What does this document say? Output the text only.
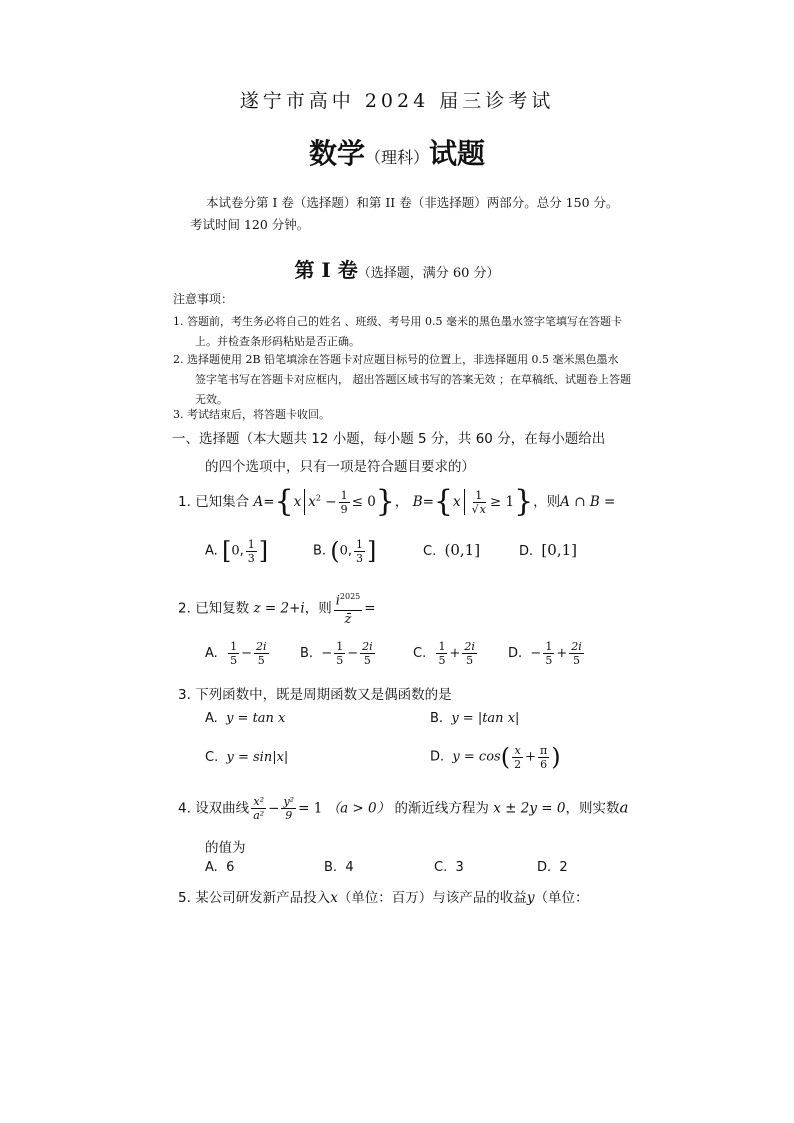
遂宁市高中 2024 届三诊考试
数学（理科）试题
本试卷分第 I 卷（选择题）和第 II 卷（非选择题）两部分。总分 150 分。考试时间 120 分钟。
第 I 卷（选择题，满分 60 分）
注意事项：
1. 答题前，考生务必将自己的姓名 、班级、考号用 0.5 毫米的黑色墨水签字笔填写在答题卡
上。并检查条形码粘贴是否正确。
2. 选择题使用 2B 铅笔填涂在答题卡对应题目标号的位置上，非选择题用 0.5 毫米黑色墨水
签字笔书写在答题卡对应框内， 超出答题区域书写的答案无效 ；在草稿纸、试题卷上答题
无效。
3. 考试结束后，将答题卡收回。
一、选择题（本大题共 12 小题，每小题 5 分，共 60 分，在每小题给出
的四个选项中，只有一项是符合题目要求的）
1. 已知集合 A={x $x^2 - \frac{1}{9} \le 0$}， $B=\{x \frac{1}{√x} \ge 1\}$，则A ∩ B =
A. [0, $\frac{1}{3}$ ]	B. (0, $\frac{1}{3}$ ]	C. (0,1]	D. [0,1]
2. 已知复数 z = 2+i，则 $\frac{i^{2025}}{z̄}$ =
A. $\frac{1}{5} - \frac{2i}{5} B$. − $\frac{1}{5} - \frac{2i}{5}$	C. $\frac{1}{5} + \frac{2i}{5} D$. − $\frac{1}{5} + \frac{2i}{5}$
3. 下列函数中，既是周期函数又是偶函数的是
A. y = tan x	B. y = |tan x|
C. y = sin|x|	D. $y = \cos( \frac{x}{2} + \frac{\pi}{6}$ )
4. 设双曲线 $\frac{\text{x²}}{\text{a²}} - \frac{\text{y²}}{9} = 1$ （a > 0） 的渐近线方程为 x ± 2y = 0，则实数a
的值为
A. 6	B. 4	C. 3	D. 2
5. 某公司研发新产品投入x（单位：百万）与该产品的收益y（单位：
